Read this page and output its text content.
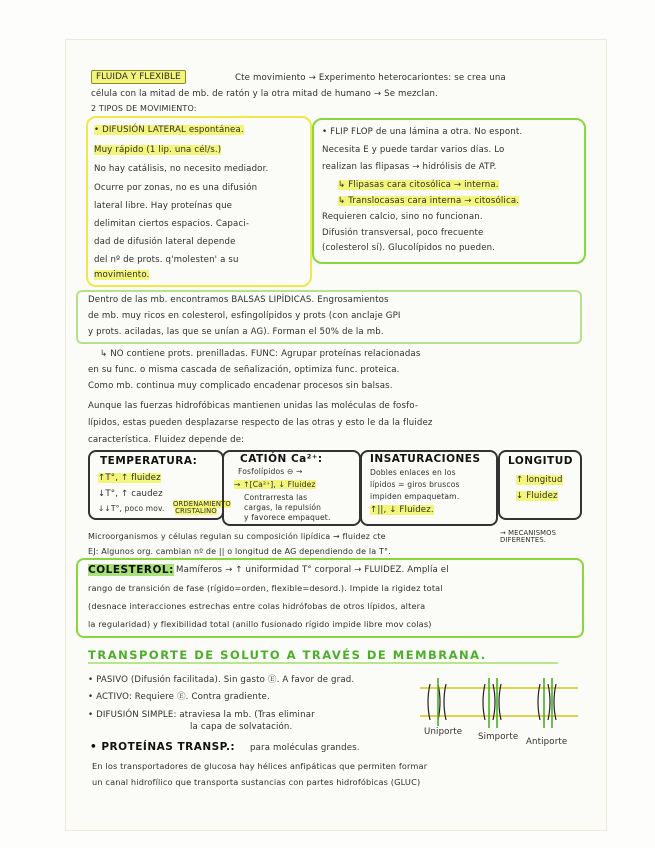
FLUIDA Y FLEXIBLE	Cte movimiento → Experimento heterocariontes: se crea una
célula con la mitad de mb. de ratón y la otra mitad de humano → Se mezclan.
2 TIPOS DE MOVIMIENTO:
• DIFUSIÓN LATERAL espontánea.
Muy rápido (1 lip. una cél/s.)
No hay catálisis, no necesito mediador.
Ocurre por zonas, no es una difusión
lateral libre. Hay proteínas que
delimitan ciertos espacios. Capaci-
dad de difusión lateral depende
del nº de prots. q'molesten' a su
movimiento.
• FLIP FLOP de una lámina a otra. No espont.
Necesita E y puede tardar varios días. Lo
realizan las flipasas → hidrólisis de ATP.
↳ Flipasas cara citosólica → interna.
↳ Translocasas cara interna → citosólica.
Requieren calcio, sino no funcionan.
Difusión transversal, poco frecuente
(colesterol sí). Glucolípidos no pueden.
Dentro de las mb. encontramos BALSAS LIPÍDICAS. Engrosamientos
de mb. muy ricos en colesterol, esfingolípidos y prots (con anclaje GPI
y prots. aciladas, las que se unían a AG). Forman el 50% de la mb.
↳ NO contiene prots. prenilladas. FUNC: Agrupar proteínas relacionadas
en su func. o misma cascada de señalización, optimiza func. proteica.
Como mb. continua muy complicado encadenar procesos sin balsas.
Aunque las fuerzas hidrofóbicas mantienen unidas las moléculas de fosfo-
lípidos, estas pueden desplazarse respecto de las otras y esto le da la fluidez
característica. Fluidez depende de:
TEMPERATURA:
↑T°, ↑ fluidez
↓T°, ↑ caudez
↓↓T°, poco mov. ORDENAMIENTO CRISTALINO
CATIÓN Ca²⁺:
Fosfolípidos ⊖ →
→ ↑[Ca²⁺], ↓ Fluidez
Contrarresta las
cargas, la repulsión
y favorece empaquet.
INSATURACIONES
Dobles enlaces en los
lípidos = giros bruscos
impiden empaquetam.
↑||, ↓ Fluidez.
LONGITUD
↑ longitud
↓ Fluidez
Microorganismos y células regulan su composición lipídica → fluidez cte	→ MECANISMOS DIFERENTES.
EJ: Algunos org. cambian nº de || o longitud de AG dependiendo de la T°.
COLESTEROL: Mamíferos → ↑ uniformidad T° corporal → FLUIDEZ. Amplía el
rango de transición de fase (rígido=orden, flexible=desord.). Impide la rigidez total
(desnace interacciones estrechas entre colas hidrófobas de otros lípidos, altera
la regularidad) y flexibilidad total (anillo fusionado rígido impide libre mov colas)
TRANSPORTE DE SOLUTO A TRAVÉS DE MEMBRANA.
• PASIVO (Difusión facilitada). Sin gasto Ⓔ. A favor de grad.
• ACTIVO: Requiere Ⓔ. Contra gradiente.
• DIFUSIÓN SIMPLE: atraviesa la mb. (Tras eliminar
la capa de solvatación.
• PROTEÍNAS TRANSP.: para moléculas grandes.
En los transportadores de glucosa hay hélices anfipáticas que permiten formar
un canal hidrofílico que transporta sustancias con partes hidrofóbicas (GLUC)
Uniporte Simporte Antiporte
